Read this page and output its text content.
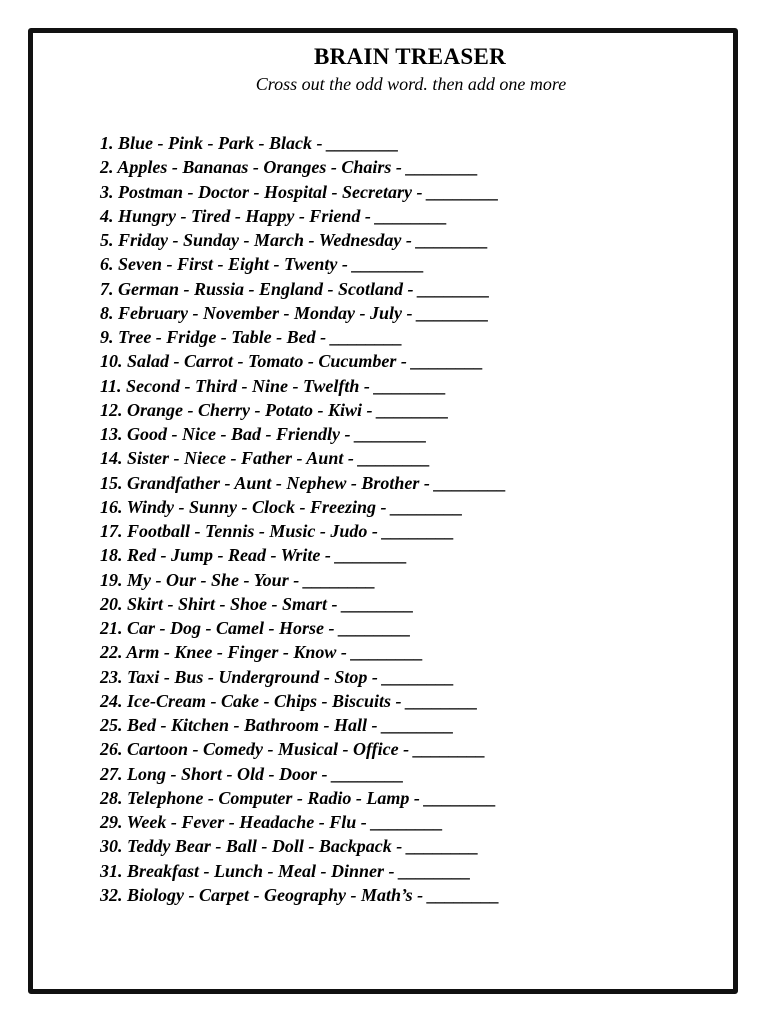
BRAIN TREASER
Cross out the odd word. then add one more
1. Blue - Pink - Park - Black - ________
2. Apples - Bananas - Oranges - Chairs - ________
3. Postman - Doctor - Hospital - Secretary - ________
4. Hungry - Tired - Happy - Friend - ________
5. Friday - Sunday - March - Wednesday - ________
6. Seven - First - Eight - Twenty - ________
7. German - Russia - England - Scotland - ________
8. February - November - Monday - July - ________
9. Tree - Fridge - Table - Bed - ________
10. Salad - Carrot - Tomato - Cucumber - ________
11. Second - Third - Nine - Twelfth - ________
12. Orange - Cherry - Potato - Kiwi - ________
13. Good - Nice - Bad - Friendly - ________
14. Sister - Niece - Father - Aunt - ________
15. Grandfather - Aunt - Nephew - Brother - ________
16. Windy - Sunny - Clock - Freezing - ________
17. Football - Tennis - Music - Judo - ________
18. Red - Jump - Read - Write - ________
19. My - Our - She - Your - ________
20. Skirt - Shirt - Shoe - Smart - ________
21. Car - Dog - Camel - Horse - ________
22. Arm - Knee - Finger - Know - ________
23. Taxi - Bus - Underground - Stop - ________
24. Ice-Cream - Cake - Chips - Biscuits - ________
25. Bed - Kitchen - Bathroom - Hall - ________
26. Cartoon - Comedy - Musical - Office - ________
27. Long - Short - Old - Door - ________
28. Telephone - Computer - Radio - Lamp - ________
29. Week - Fever - Headache - Flu - ________
30. Teddy Bear - Ball - Doll - Backpack - ________
31. Breakfast - Lunch - Meal - Dinner - ________
32. Biology - Carpet - Geography - Math’s - ________
